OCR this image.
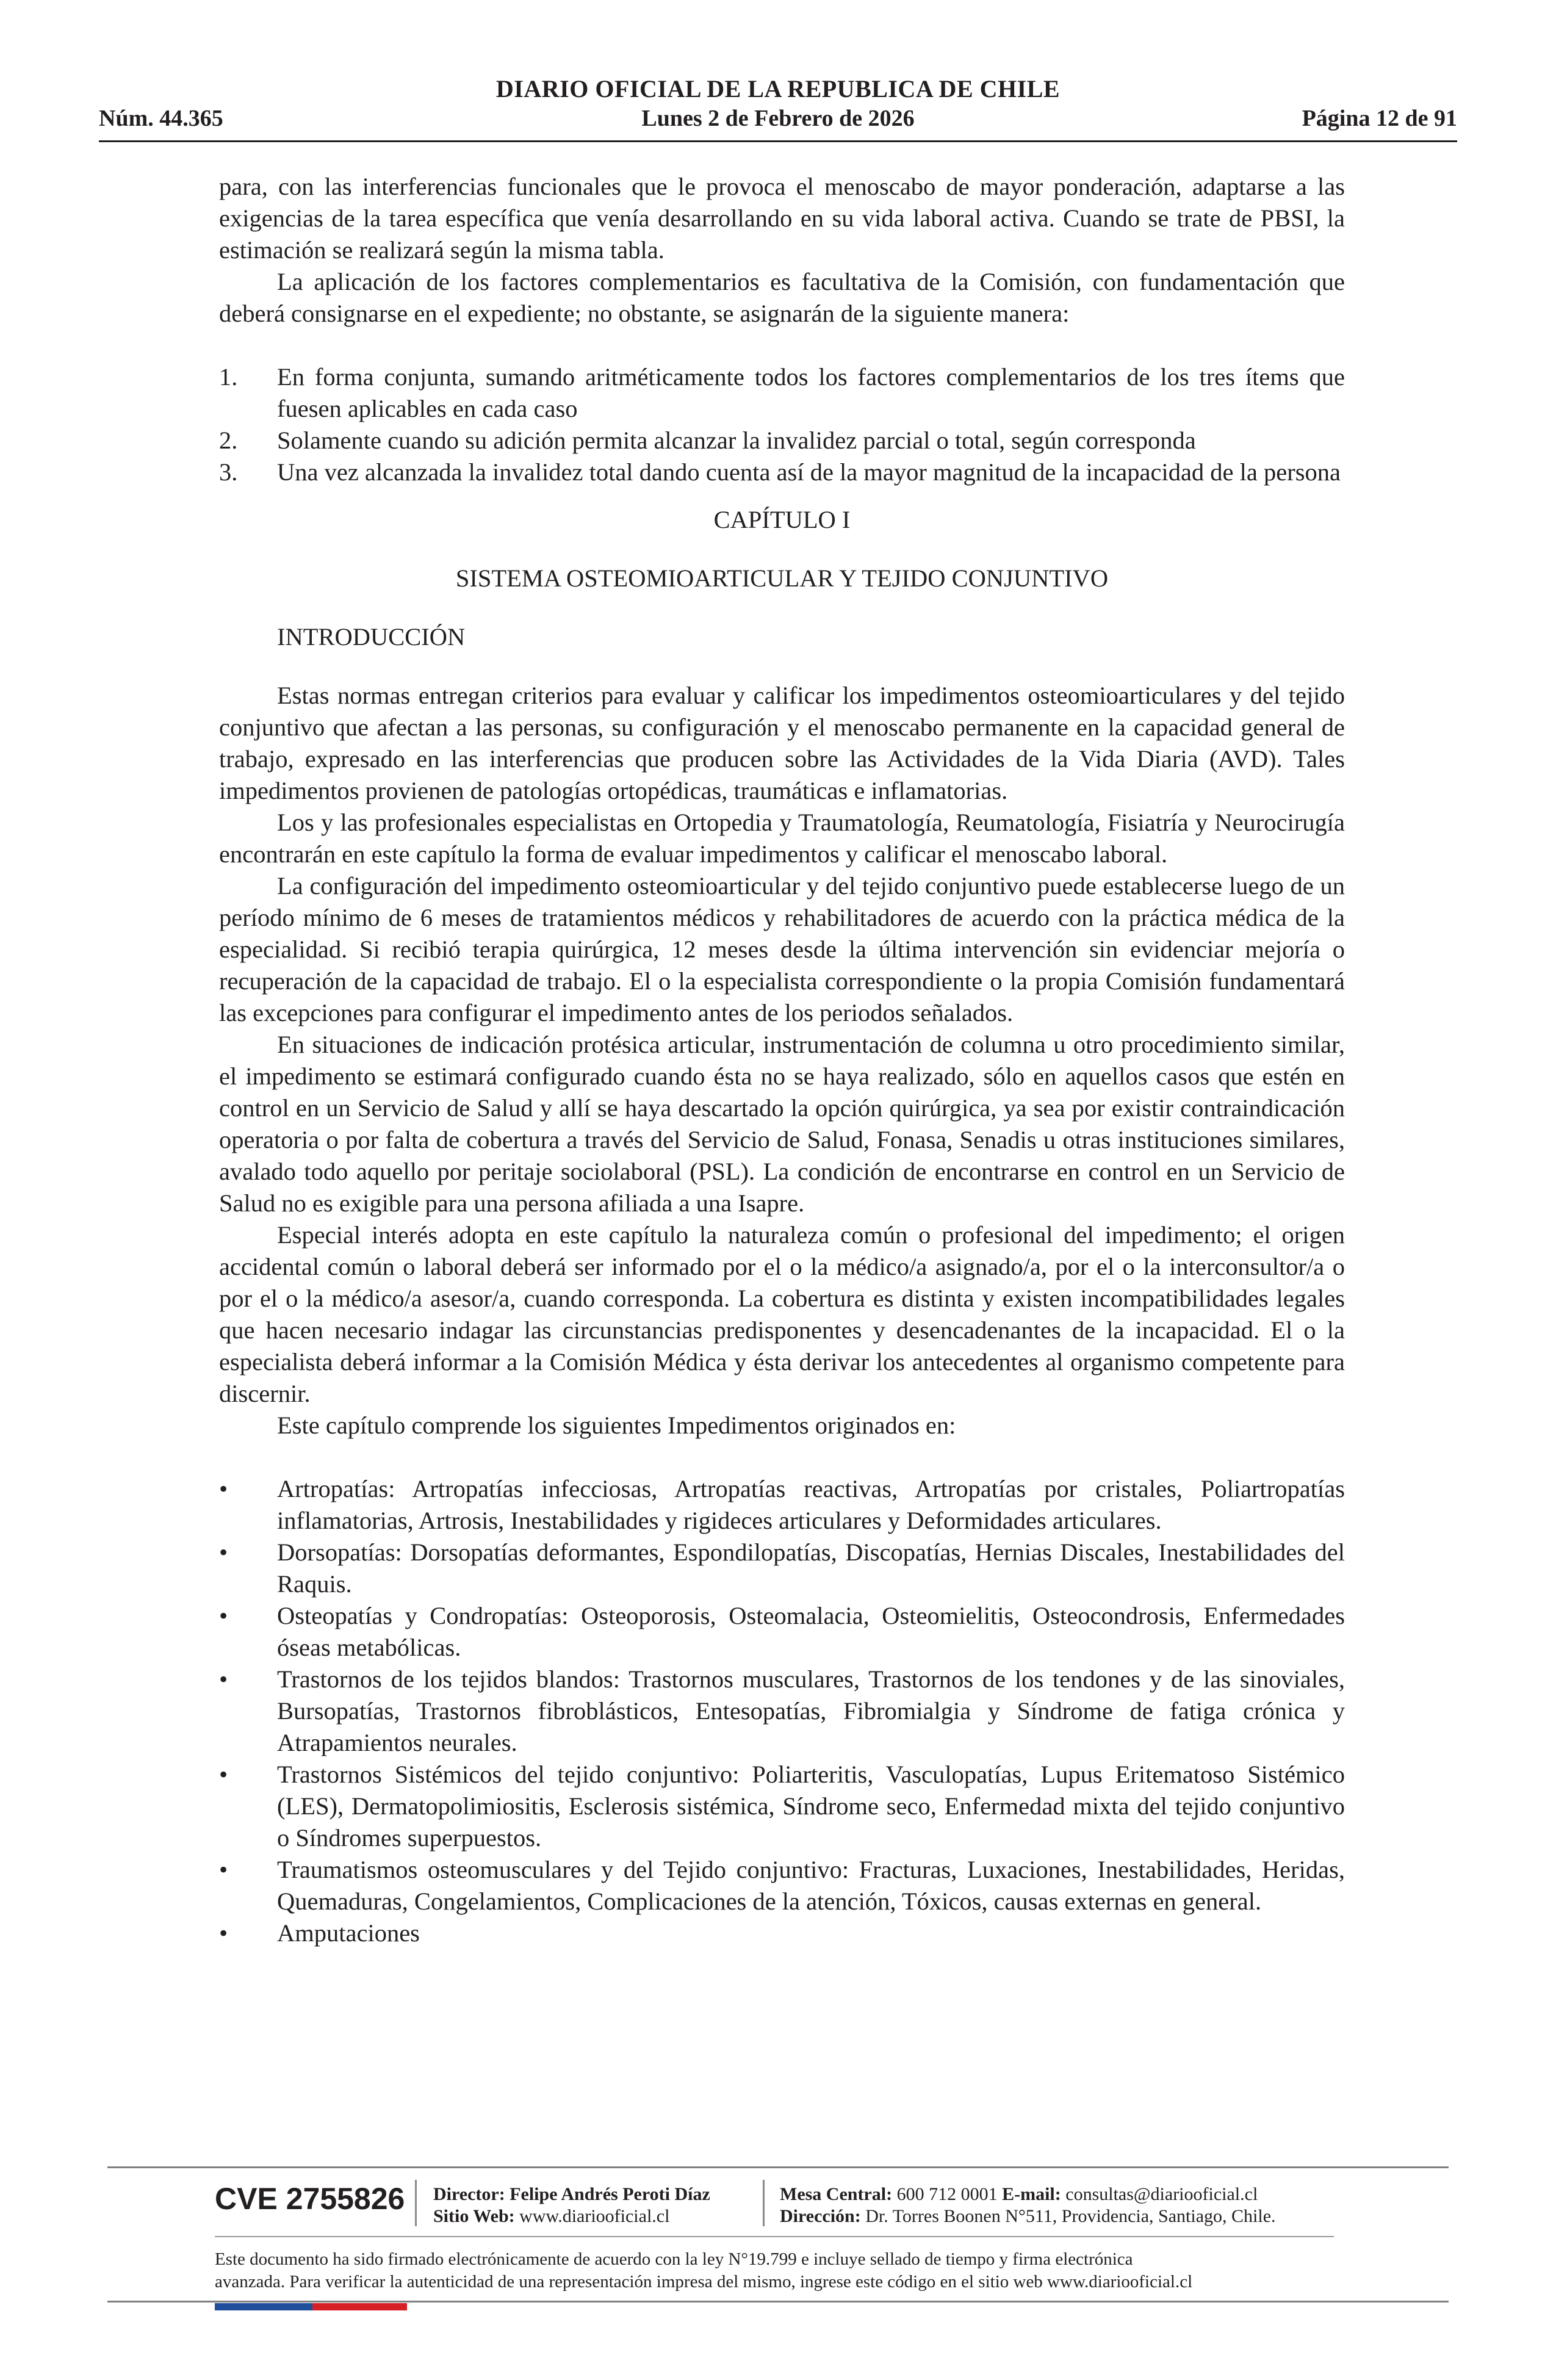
DIARIO OFICIAL DE LA REPUBLICA DE CHILE
Núm. 44.365	Lunes 2 de Febrero de 2026	Página 12 de 91

para, con las interferencias funcionales que le provoca el menoscabo de mayor ponderación, adaptarse a las exigencias de la tarea específica que venía desarrollando en su vida laboral activa. Cuando se trate de PBSI, la estimación se realizará según la misma tabla.

La aplicación de los factores complementarios es facultativa de la Comisión, con fundamentación que deberá consignarse en el expediente; no obstante, se asignarán de la siguiente manera:

1. En forma conjunta, sumando aritméticamente todos los factores complementarios de los tres ítems que fuesen aplicables en cada caso
2. Solamente cuando su adición permita alcanzar la invalidez parcial o total, según corresponda
3. Una vez alcanzada la invalidez total dando cuenta así de la mayor magnitud de la incapacidad de la persona

CAPÍTULO I

SISTEMA OSTEOMIOARTICULAR Y TEJIDO CONJUNTIVO

INTRODUCCIÓN

Estas normas entregan criterios para evaluar y calificar los impedimentos osteomioarticulares y del tejido conjuntivo que afectan a las personas, su configuración y el menoscabo permanente en la capacidad general de trabajo, expresado en las interferencias que producen sobre las Actividades de la Vida Diaria (AVD). Tales impedimentos provienen de patologías ortopédicas, traumáticas e inflamatorias.

Los y las profesionales especialistas en Ortopedia y Traumatología, Reumatología, Fisiatría y Neurocirugía encontrarán en este capítulo la forma de evaluar impedimentos y calificar el menoscabo laboral.

La configuración del impedimento osteomioarticular y del tejido conjuntivo puede establecerse luego de un período mínimo de 6 meses de tratamientos médicos y rehabilitadores de acuerdo con la práctica médica de la especialidad. Si recibió terapia quirúrgica, 12 meses desde la última intervención sin evidenciar mejoría o recuperación de la capacidad de trabajo. El o la especialista correspondiente o la propia Comisión fundamentará las excepciones para configurar el impedimento antes de los periodos señalados.

En situaciones de indicación protésica articular, instrumentación de columna u otro procedimiento similar, el impedimento se estimará configurado cuando ésta no se haya realizado, sólo en aquellos casos que estén en control en un Servicio de Salud y allí se haya descartado la opción quirúrgica, ya sea por existir contraindicación operatoria o por falta de cobertura a través del Servicio de Salud, Fonasa, Senadis u otras instituciones similares, avalado todo aquello por peritaje sociolaboral (PSL). La condición de encontrarse en control en un Servicio de Salud no es exigible para una persona afiliada a una Isapre.

Especial interés adopta en este capítulo la naturaleza común o profesional del impedimento; el origen accidental común o laboral deberá ser informado por el o la médico/a asignado/a, por el o la interconsultor/a o por el o la médico/a asesor/a, cuando corresponda. La cobertura es distinta y existen incompatibilidades legales que hacen necesario indagar las circunstancias predisponentes y desencadenantes de la incapacidad. El o la especialista deberá informar a la Comisión Médica y ésta derivar los antecedentes al organismo competente para discernir.

Este capítulo comprende los siguientes Impedimentos originados en:

• Artropatías: Artropatías infecciosas, Artropatías reactivas, Artropatías por cristales, Poliartropatías inflamatorias, Artrosis, Inestabilidades y rigideces articulares y Deformidades articulares.
• Dorsopatías: Dorsopatías deformantes, Espondilopatías, Discopatías, Hernias Discales, Inestabilidades del Raquis.
• Osteopatías y Condropatías: Osteoporosis, Osteomalacia, Osteomielitis, Osteocondrosis, Enfermedades óseas metabólicas.
• Trastornos de los tejidos blandos: Trastornos musculares, Trastornos de los tendones y de las sinoviales, Bursopatías, Trastornos fibroblásticos, Entesopatías, Fibromialgia y Síndrome de fatiga crónica y Atrapamientos neurales.
• Trastornos Sistémicos del tejido conjuntivo: Poliarteritis, Vasculopatías, Lupus Eritematoso Sistémico (LES), Dermatopolimiositis, Esclerosis sistémica, Síndrome seco, Enfermedad mixta del tejido conjuntivo o Síndromes superpuestos.
• Traumatismos osteomusculares y del Tejido conjuntivo: Fracturas, Luxaciones, Inestabilidades, Heridas, Quemaduras, Congelamientos, Complicaciones de la atención, Tóxicos, causas externas en general.
• Amputaciones
CVE 2755826 Director: Felipe Andrés Peroti Díaz
Sitio Web: www.diariooficial.cl
Mesa Central: 600 712 0001 E-mail: consultas@diariooficial.cl
Dirección: Dr. Torres Boonen N°511, Providencia, Santiago, Chile.
Este documento ha sido firmado electrónicamente de acuerdo con la ley N°19.799 e incluye sellado de tiempo y firma electrónica
avanzada. Para verificar la autenticidad de una representación impresa del mismo, ingrese este código en el sitio web www.diariooficial.cl
